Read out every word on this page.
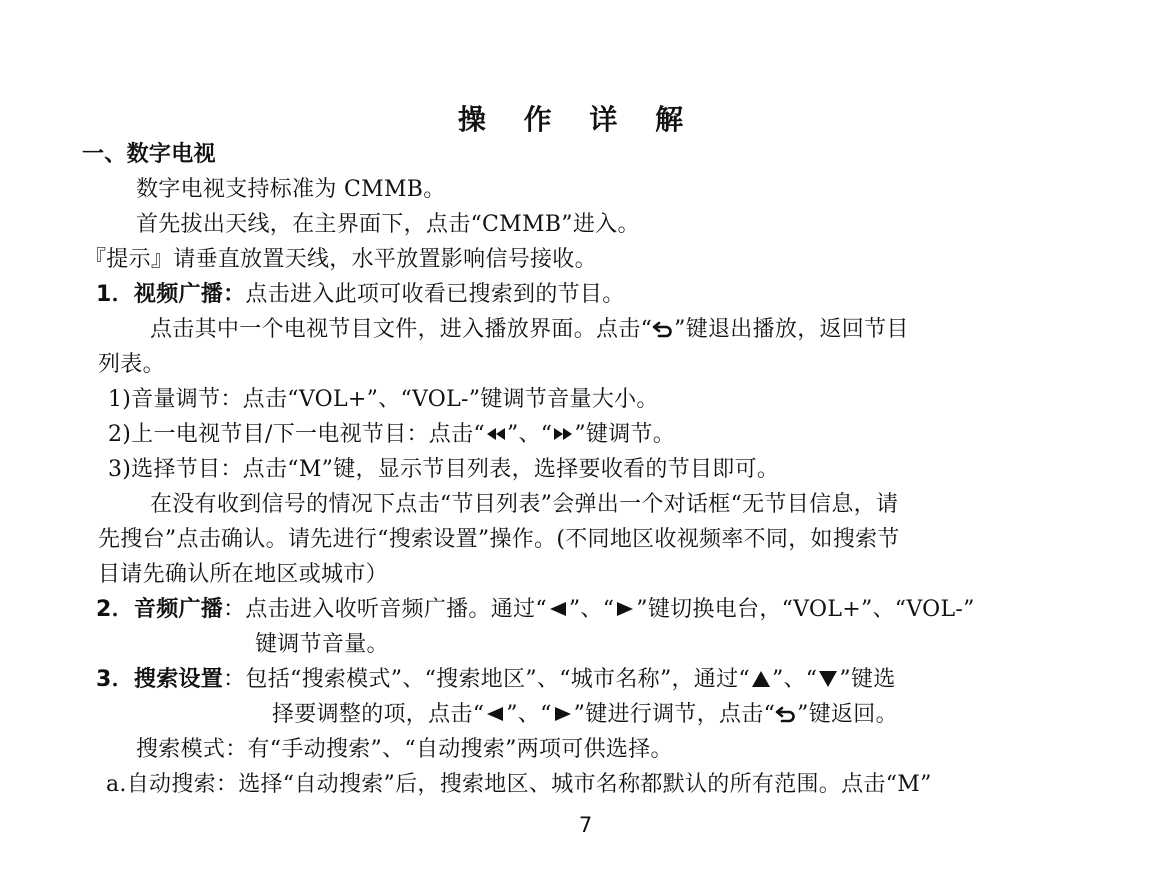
操 作 详 解
一、数字电视
数字电视支持标准为 CMMB。
首先拔出天线，在主界面下，点击“CMMB”进入。
『提示』请垂直放置天线，水平放置影响信号接收。
1．视频广播：点击进入此项可收看已搜索到的节目。
点击其中一个电视节目文件，进入播放界面。点击“ ”键退出播放，返回节目
列表。
1)音量调节：点击“VOL+”、“VOL-”键调节音量大小。
2)上一电视节目/下一电视节目：点击“ ”、“ ”键调节。
3)选择节目：点击“M”键，显示节目列表，选择要收看的节目即可。
在没有收到信号的情况下点击“节目列表”会弹出一个对话框“无节目信息，请
先搜台”点击确认。请先进行“搜索设置”操作。(不同地区收视频率不同，如搜索节
目请先确认所在地区或城市）
2．音频广播：点击进入收听音频广播。通过“ ”、“ ”键切换电台，“VOL+”、“VOL-”
键调节音量。
3．搜索设置：包括“搜索模式”、“搜索地区”、“城市名称”，通过“ ”、“ ”键选
择要调整的项，点击“ ”、“ ”键进行调节，点击“ ”键返回。
搜索模式：有“手动搜索”、“自动搜索”两项可供选择。
a.自动搜索：选择“自动搜索”后，搜索地区、城市名称都默认的所有范围。点击“M”
7
